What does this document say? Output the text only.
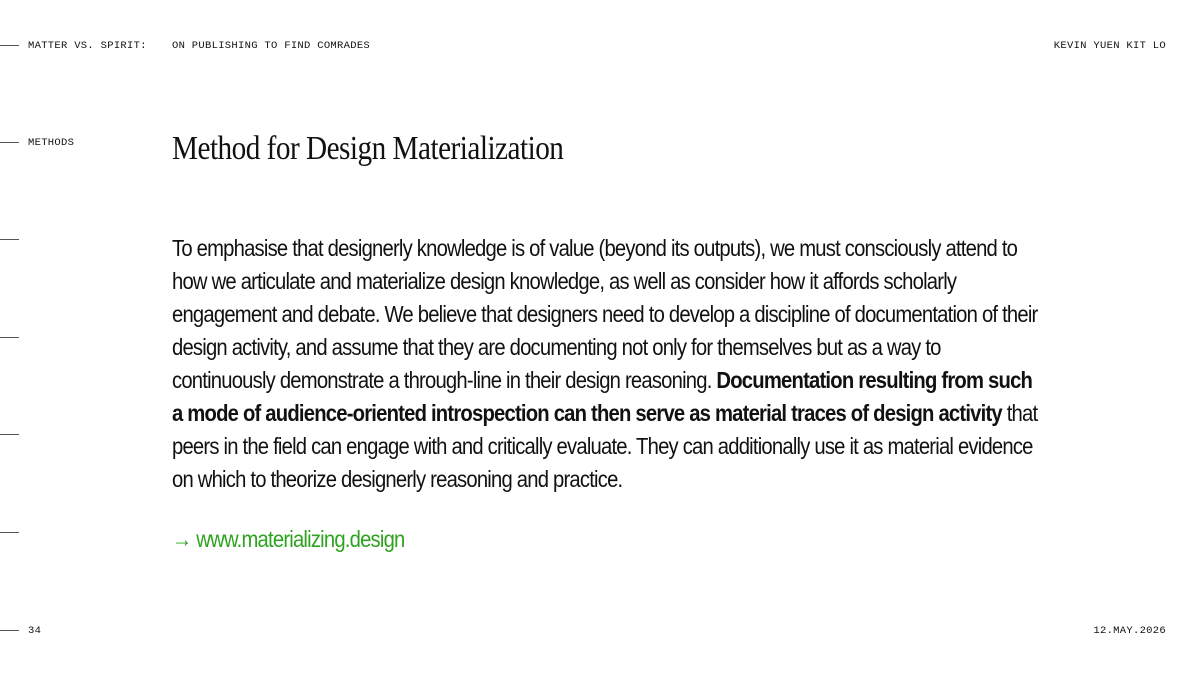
MATTER VS. SPIRIT: ON PUBLISHING TO FIND COMRADES	KEVIN YUEN KIT LO
METHODS	Method for Design Materialization

To emphasise that designerly knowledge is of value (beyond its outputs), we must consciously attend to how we articulate and materialize design knowledge, as well as consider how it affords scholarly engagement and debate. We believe that designers need to develop a discipline of documentation of their design activity, and assume that they are documenting not only for themselves but as a way to continuously demonstrate a through-line in their design reasoning. Documentation resulting from such a mode of audience-oriented introspection can then serve as material traces of design activity that peers in the field can engage with and critically evaluate. They can additionally use it as material evidence on which to theorize designerly reasoning and practice.

→ www.materializing.design
34	12.MAY.2026
